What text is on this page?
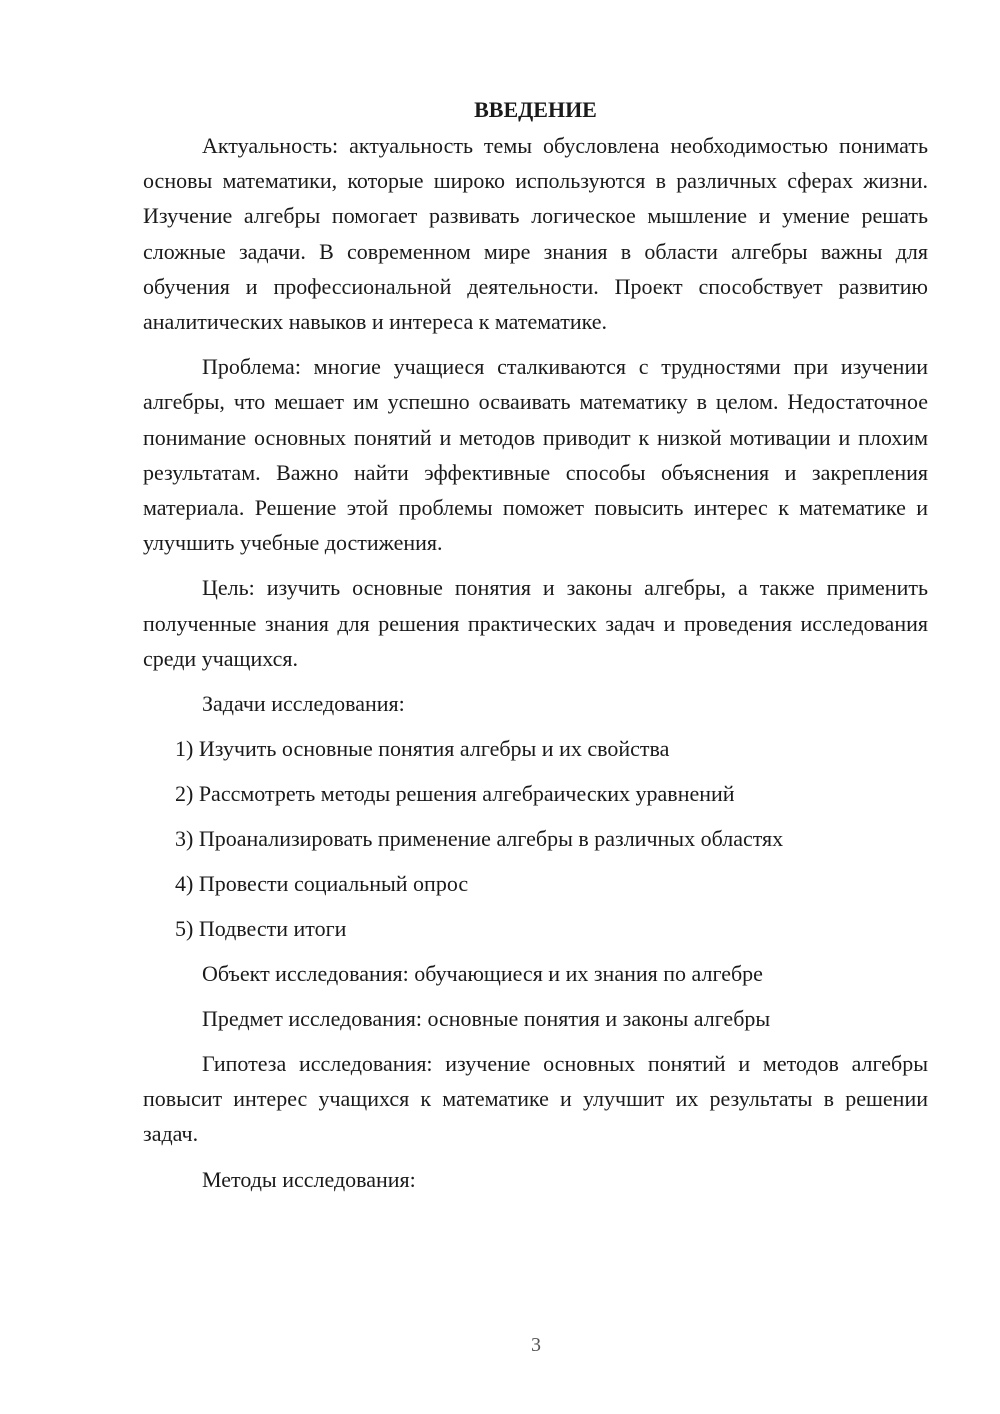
ВВЕДЕНИЕ

Актуальность: актуальность темы обусловлена необходимостью понимать основы математики, которые широко используются в различных сферах жизни. Изучение алгебры помогает развивать логическое мышление и умение решать сложные задачи. В современном мире знания в области алгебры важны для обучения и профессиональной деятельности. Проект способствует развитию аналитических навыков и интереса к математике.

Проблема: многие учащиеся сталкиваются с трудностями при изучении алгебры, что мешает им успешно осваивать математику в целом. Недостаточное понимание основных понятий и методов приводит к низкой мотивации и плохим результатам. Важно найти эффективные способы объяснения и закрепления материала. Решение этой проблемы поможет повысить интерес к математике и улучшить учебные достижения.

Цель: изучить основные понятия и законы алгебры, а также применить полученные знания для решения практических задач и проведения исследования среди учащихся.

Задачи исследования:
1) Изучить основные понятия алгебры и их свойства
2) Рассмотреть методы решения алгебраических уравнений
3) Проанализировать применение алгебры в различных областях
4) Провести социальный опрос
5) Подвести итоги
Объект исследования: обучающиеся и их знания по алгебре
Предмет исследования: основные понятия и законы алгебры

Гипотеза исследования: изучение основных понятий и методов алгебры повысит интерес учащихся к математике и улучшит их результаты в решении задач.

Методы исследования:
3
